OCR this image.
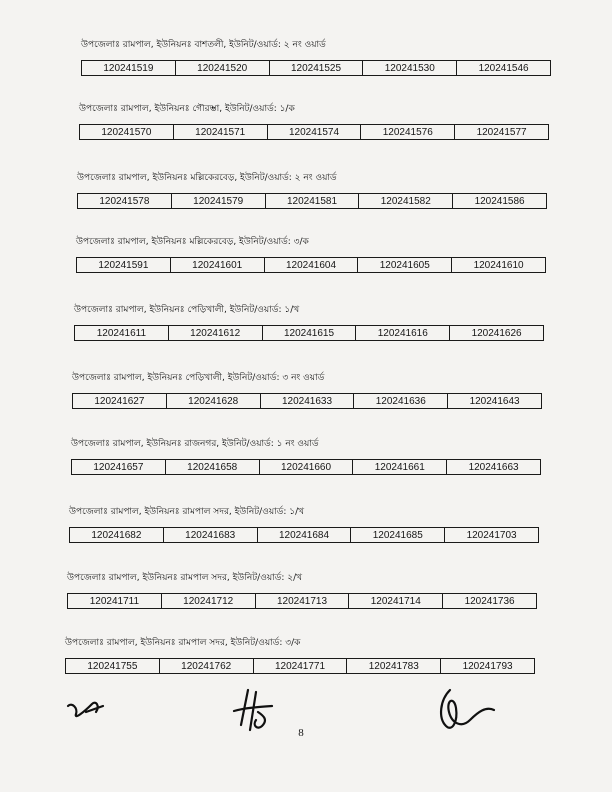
উপজেলাঃ রামপাল, ইউনিয়নঃ বাশতলী, ইউনিট/ওয়ার্ড: ২ নং ওয়ার্ড
120241519	120241520	120241525	120241530	120241546
উপজেলাঃ রামপাল, ইউনিয়নঃ গৌরম্ভা, ইউনিট/ওয়ার্ড: ১/ক
120241570	120241571	120241574	120241576	120241577
উপজেলাঃ রামপাল, ইউনিয়নঃ মল্লিকেরবেড়, ইউনিট/ওয়ার্ড: ২ নং ওয়ার্ড
120241578	120241579	120241581	120241582	120241586
উপজেলাঃ রামপাল, ইউনিয়নঃ মল্লিকেরবেড়, ইউনিট/ওয়ার্ড: ৩/ক
120241591	120241601	120241604	120241605	120241610
উপজেলাঃ রামপাল, ইউনিয়নঃ পেড়িখালী, ইউনিট/ওয়ার্ড: ১/খ
120241611	120241612	120241615	120241616	120241626
উপজেলাঃ রামপাল, ইউনিয়নঃ পেড়িখালী, ইউনিট/ওয়ার্ড: ৩ নং ওয়ার্ড
120241627	120241628	120241633	120241636	120241643
উপজেলাঃ রামপাল, ইউনিয়নঃ রাজনগর, ইউনিট/ওয়ার্ড: ১ নং ওয়ার্ড
120241657	120241658	120241660	120241661	120241663
উপজেলাঃ রামপাল, ইউনিয়নঃ রামপাল সদর, ইউনিট/ওয়ার্ড: ১/খ
120241682	120241683	120241684	120241685	120241703
উপজেলাঃ রামপাল, ইউনিয়নঃ রামপাল সদর, ইউনিট/ওয়ার্ড: ২/খ
120241711	120241712	120241713	120241714	120241736
উপজেলাঃ রামপাল, ইউনিয়নঃ রামপাল সদর, ইউনিট/ওয়ার্ড: ৩/ক
120241755	120241762	120241771	120241783	120241793
8
